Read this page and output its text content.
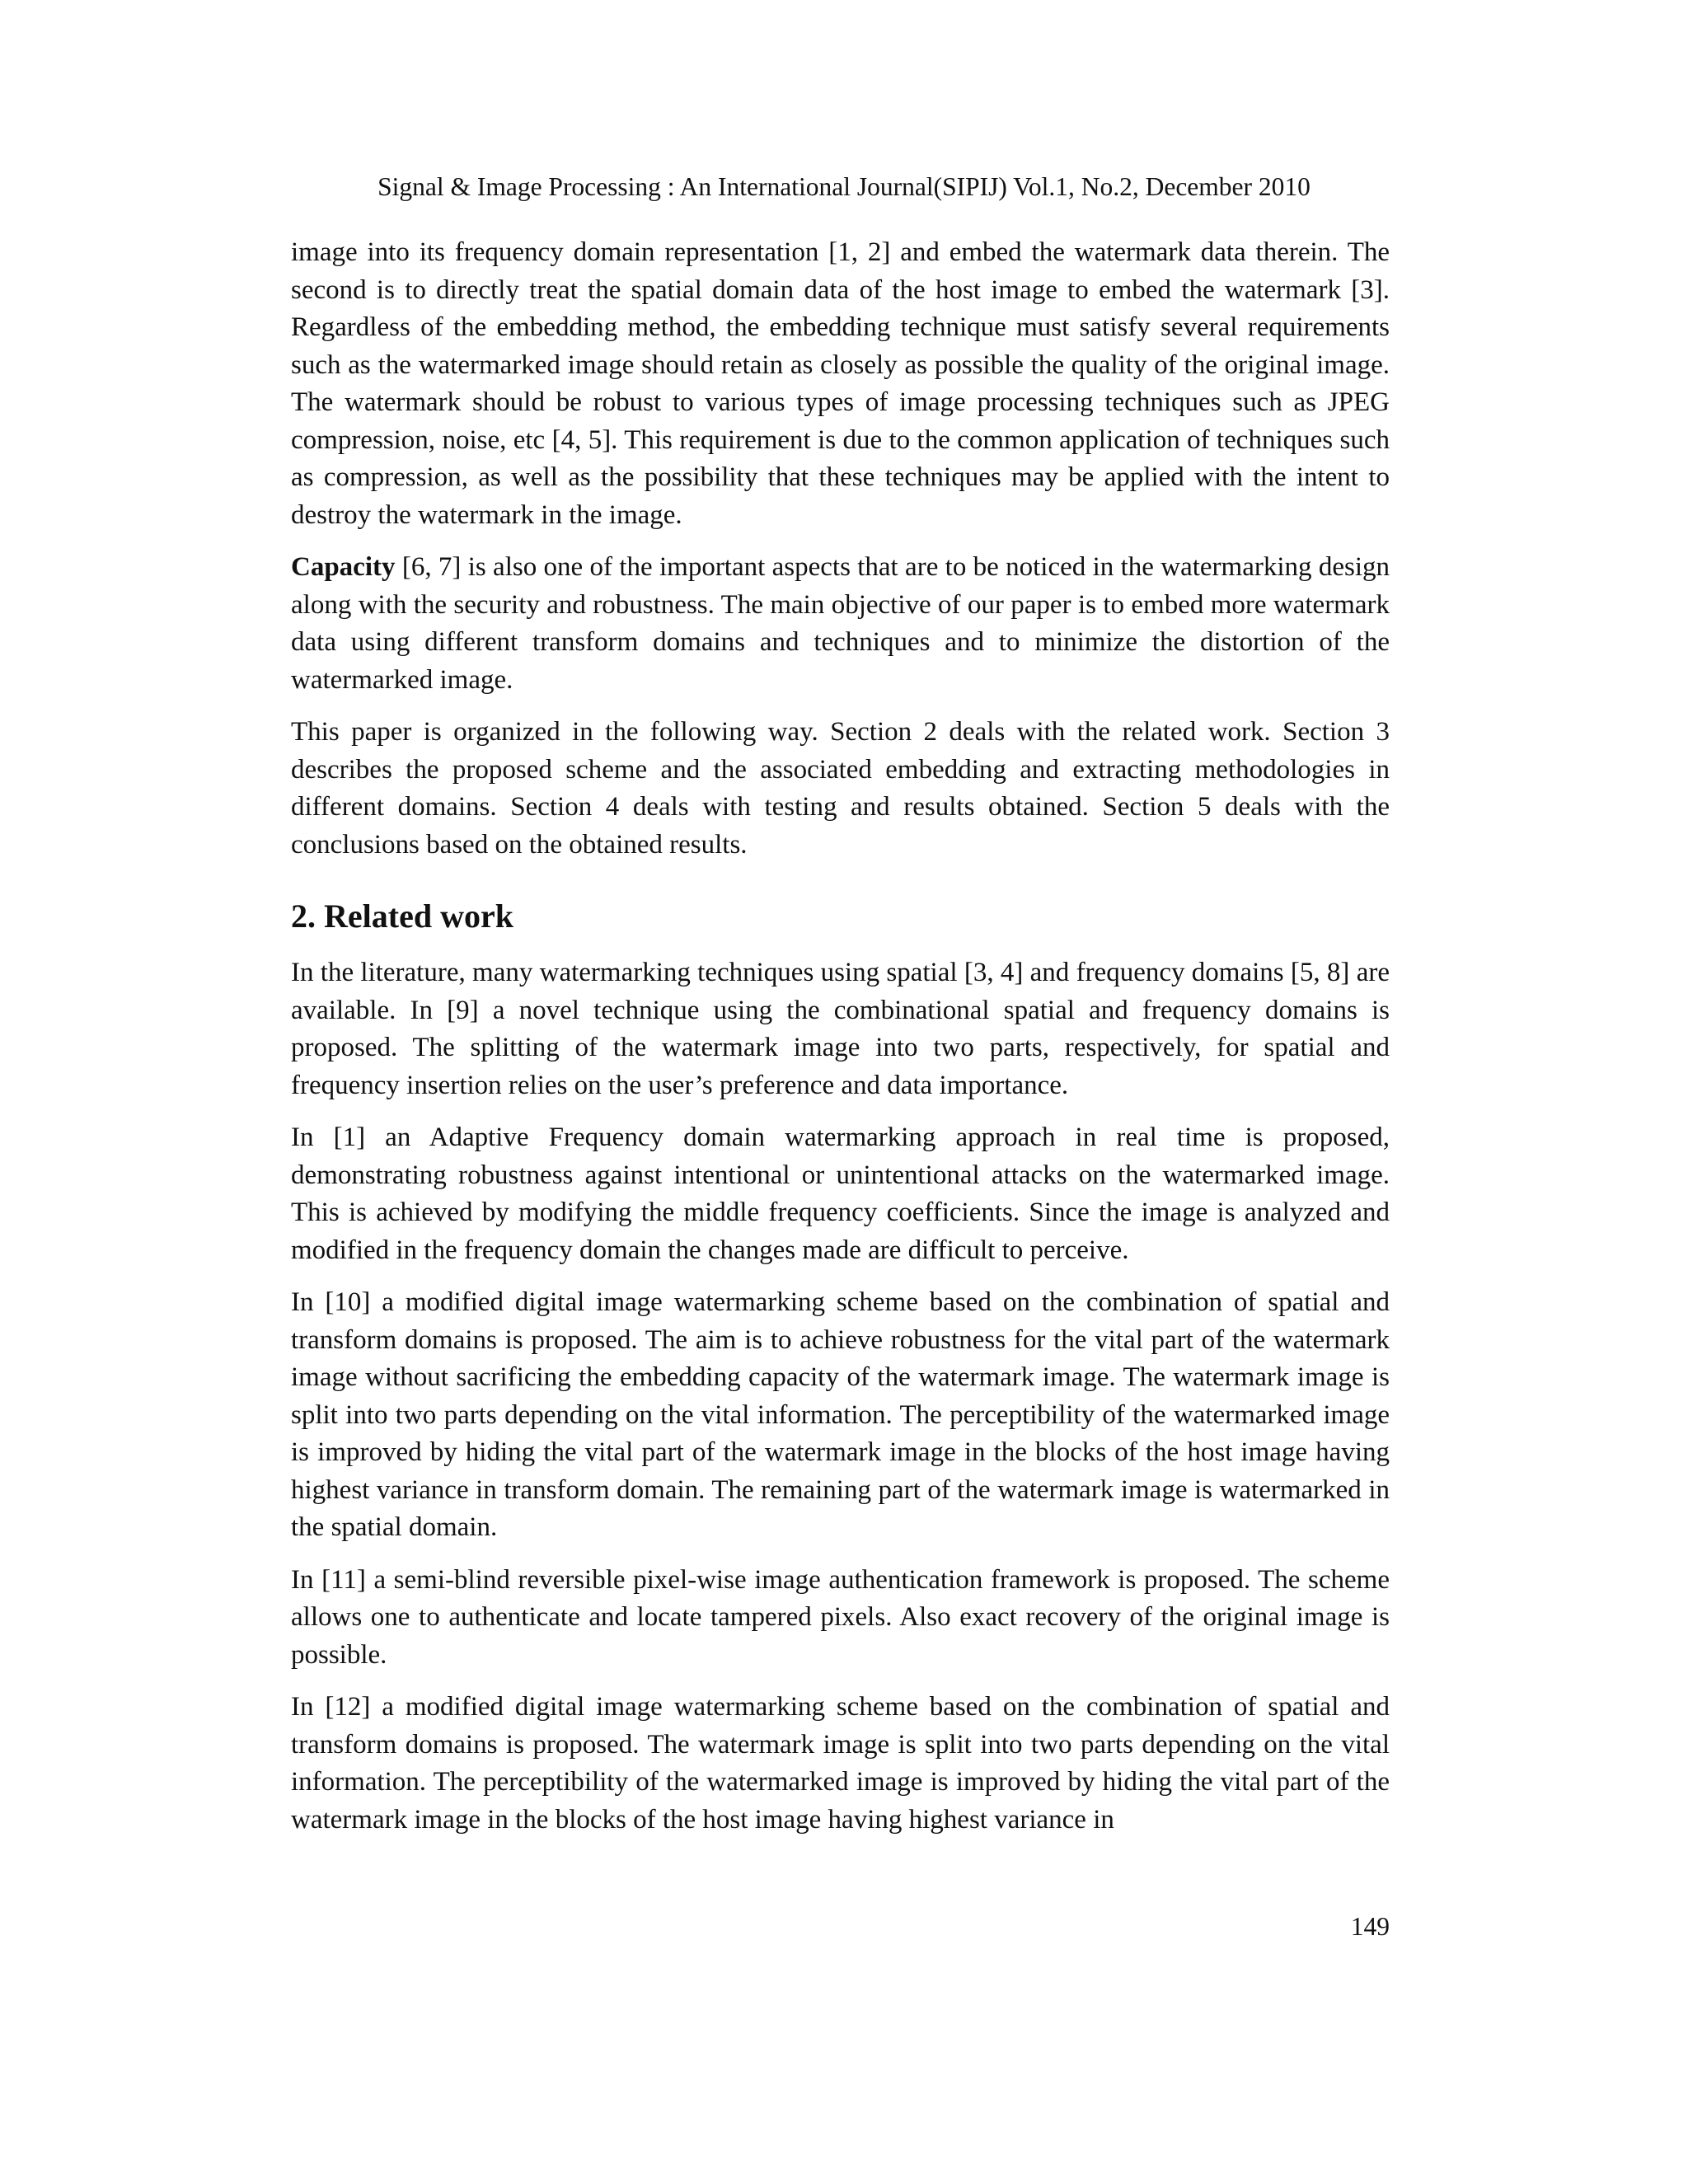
Signal & Image Processing : An International Journal(SIPIJ) Vol.1, No.2, December 2010

image into its frequency domain representation [1, 2] and embed the watermark data therein. The second is to directly treat the spatial domain data of the host image to embed the watermark [3]. Regardless of the embedding method, the embedding technique must satisfy several requirements such as the watermarked image should retain as closely as possible the quality of the original image. The watermark should be robust to various types of image processing techniques such as JPEG compression, noise, etc [4, 5]. This requirement is due to the common application of techniques such as compression, as well as the possibility that these techniques may be applied with the intent to destroy the watermark in the image.

Capacity [6, 7] is also one of the important aspects that are to be noticed in the watermarking design along with the security and robustness. The main objective of our paper is to embed more watermark data using different transform domains and techniques and to minimize the distortion of the watermarked image.

This paper is organized in the following way. Section 2 deals with the related work. Section 3 describes the proposed scheme and the associated embedding and extracting methodologies in different domains. Section 4 deals with testing and results obtained. Section 5 deals with the conclusions based on the obtained results.

2. Related work

In the literature, many watermarking techniques using spatial [3, 4] and frequency domains [5, 8] are available. In [9] a novel technique using the combinational spatial and frequency domains is proposed. The splitting of the watermark image into two parts, respectively, for spatial and frequency insertion relies on the user’s preference and data importance.

In [1] an Adaptive Frequency domain watermarking approach in real time is proposed, demonstrating robustness against intentional or unintentional attacks on the watermarked image. This is achieved by modifying the middle frequency coefficients. Since the image is analyzed and modified in the frequency domain the changes made are difficult to perceive.

In [10] a modified digital image watermarking scheme based on the combination of spatial and transform domains is proposed. The aim is to achieve robustness for the vital part of the watermark image without sacrificing the embedding capacity of the watermark image. The watermark image is split into two parts depending on the vital information. The perceptibility of the watermarked image is improved by hiding the vital part of the watermark image in the blocks of the host image having highest variance in transform domain. The remaining part of the watermark image is watermarked in the spatial domain.

In [11] a semi-blind reversible pixel-wise image authentication framework is proposed. The scheme allows one to authenticate and locate tampered pixels. Also exact recovery of the original image is possible.

In [12] a modified digital image watermarking scheme based on the combination of spatial and transform domains is proposed. The watermark image is split into two parts depending on the vital information. The perceptibility of the watermarked image is improved by hiding the vital part of the watermark image in the blocks of the host image having highest variance in

149
